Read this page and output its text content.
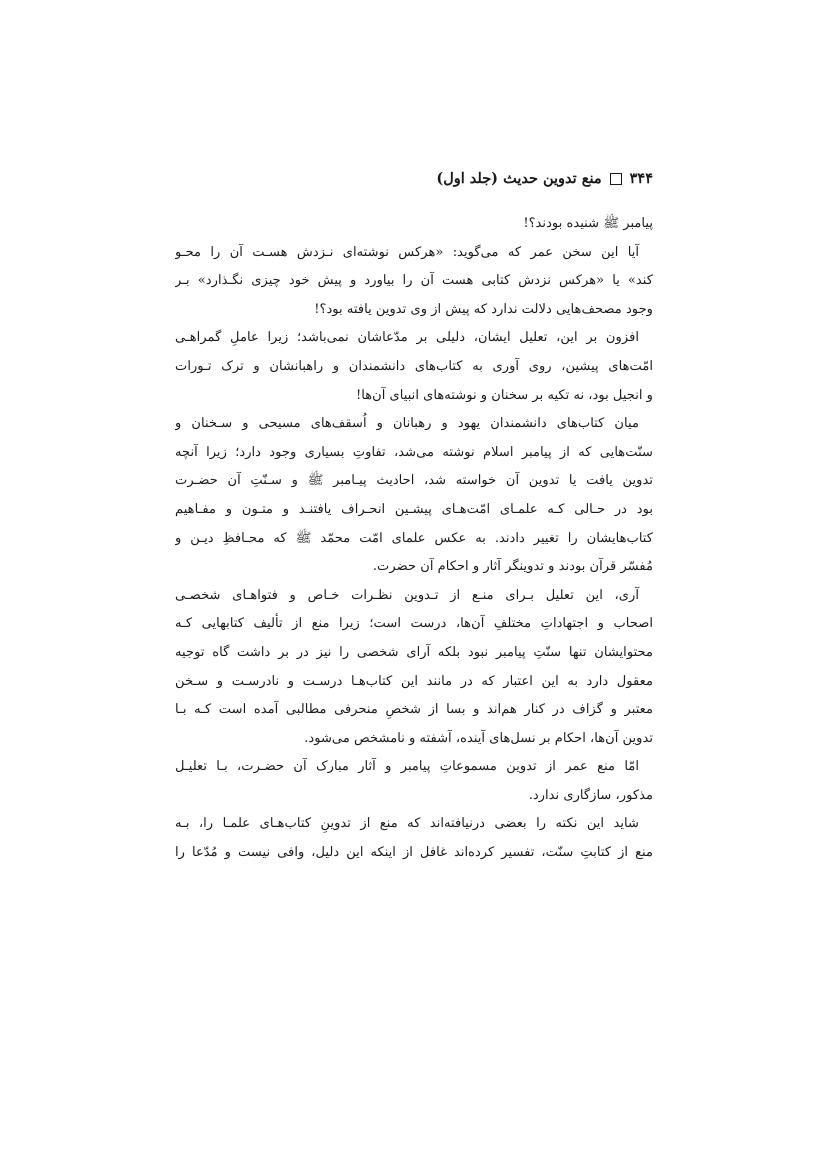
۳۴۴
منع تدوین حدیث (جلد اول)
پیامبر ﷺ شنیده بودند؟!
آیا این سخن عمر که می‌گوید: «هرکس نوشته‌ای نـزدش هسـت آن را محـو
کند» یا «هرکس نزدش کتابی هست آن را بیاورد و پیش خود چیزی نگـذارد» بـر
وجود مصحف‌هایی دلالت ندارد که پیش از وی تدوین یافته بود؟!
افزون بر این، تعلیل ایشان، دلیلی بر مدّعاشان نمی‌باشد؛ زیرا عاملِ گمراهـی
امّت‌های پیشین، روی آوری به کتاب‌های دانشمندان و راهبانشان و ترک تـورات
و انجیل بود، نه تکیه بر سخنان و نوشته‌های انبیای آن‌ها!
میان کتاب‌های دانشمندان یهود و رهبانان و اُسقف‌های مسیحی و سـخنان و
سنّت‌هایی که از پیامبر اسلام نوشته می‌شد، تفاوتِ بسیاری وجود دارد؛ زیرا آنچه
تدوین یافت یا تدوین آن خواسته شد، احادیث پیـامبر ﷺ و سـنّتِ آن حضـرت
بود در حـالی کـه علمـای امّت‌هـای پیشـین انحـراف یافتنـد و متـون و مفـاهیم
کتاب‌هایشان را تغییر دادند. به عکس علمای امّت محمّد ﷺ که محـافظِ دیـن و
مُفسّر قرآن بودند و تدوینگر آثار و احکام آن حضرت.
آری، این تعلیل بـرای منـع از تـدوین نظـرات خـاص و فتواهـای شخصـی
اصحاب و اجتهاداتِ مختلفِ آن‌ها، درست است؛ زیرا منع از تألیف کتابهایی کـه
محتوایشان تنها سنّتِ پیامبر نبود بلکه آرای شخصی را نیز در بر داشت گاه توجیه
معقول دارد به این اعتبار که در مانند این کتاب‌هـا درسـت و نادرسـت و سـخن
معتبر و گزاف در کنار هم‌اند و بسا از شخصِ منحرفی مطالبی آمده است کـه بـا
تدوین آن‌ها، احکام بر نسل‌های آینده، آشفته و نامشخص می‌شود.
امّا منع عمر از تدوین مسموعاتِ پیامبر و آثار مبارک آن حضـرت، بـا تعلیـل
مذکور، سازگاری ندارد.
شاید این نکته را بعضی درنیافته‌اند که منع از تدوینِ کتاب‌هـای علمـا را، بـه
منع از کتابتِ سنّت، تفسیر کرده‌اند غافل از اینکه این دلیل، وافی نیست و مُدّعا را
